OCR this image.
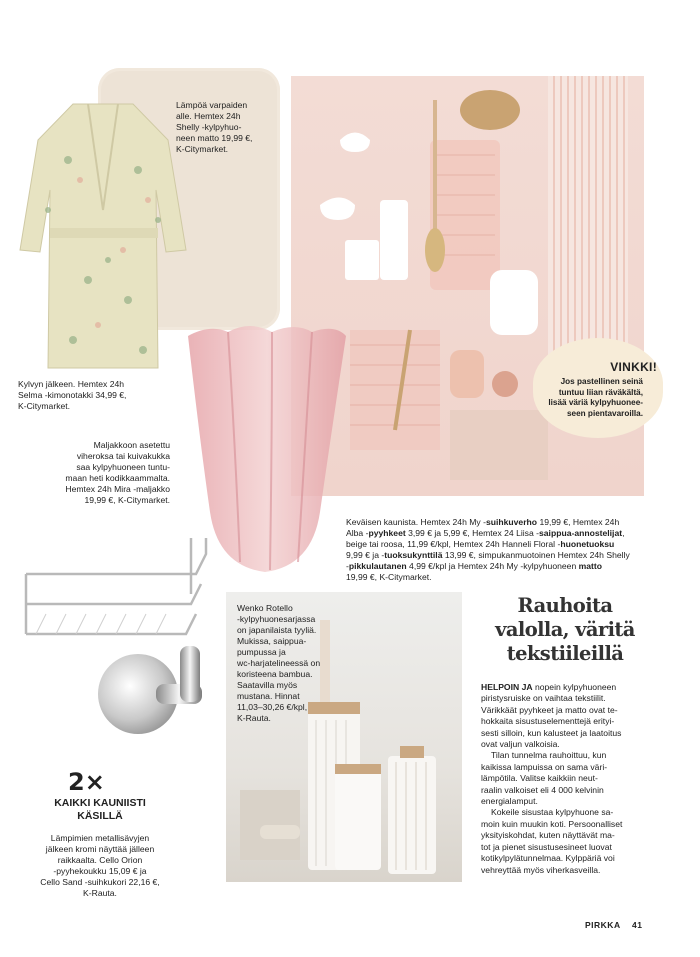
Lämpöä varpaiden
alle. Hemtex 24h
Shelly -kylpyhuo-
neen matto 19,99 €,
K-Citymarket.
Kylvyn jälkeen. Hemtex 24h
Selma -kimonotakki 34,99 €,
K-Citymarket.
Maljakkoon asetettu
viheroksa tai kuivakukka
saa kylpyhuoneen tuntu-
maan heti kodikkaammalta.
Hemtex 24h Mira -maljakko
19,99 €, K-Citymarket.

Keväisen kaunista. Hemtex 24h My -suihkuverho 19,99 €, Hemtex 24h
Alba -pyyhkeet 3,99 € ja 5,99 €, Hemtex 24 Liisa -saippua-annostelijat,
beige tai roosa, 11,99 €/kpl, Hemtex 24h Hanneli Floral -huonetuoksu
9,99 € ja -tuoksukynttilä 13,99 €, simpukanmuotoinen Hemtex 24h Shelly
-pikkulautanen 4,99 €/kpl ja Hemtex 24h My -kylpyhuoneen matto
19,99 €, K-Citymarket.

Wenko Rotello
-kylpyhuonesarjassa
on japanilaista tyyliä.
Mukissa, saippua-
pumpussa ja
wc-harjatelineessä on
koristeena bambua.
Saatavilla myös
mustana. Hinnat
11,03–30,26 €/kpl,
K-Rauta.
VINKKI!
Jos pastellinen seinä
tuntuu liian räväkältä,
lisää väriä kylpyhuonee-
seen pientavaroilla.
Rauhoita
valolla, väritä
tekstiileillä

HELPOIN JA nopein kylpyhuoneen
piristysruiske on vaihtaa tekstiilit.
Värikkäät pyyhkeet ja matto ovat te-
hokkaita sisustuselementtejä erityi-
sesti silloin, kun kalusteet ja laatoitus
ovat valjun valkoisia.

Tilan tunnelma rauhoittuu, kun
kaikissa lampuissa on sama väri-
lämpötila. Valitse kaikkiin neut-
raalin valkoiset eli 4 000 kelvinin
energialamput.

Kokeile sisustaa kylpyhuone sa-
moin kuin muukin koti. Persoonalliset
yksityiskohdat, kuten näyttävät ma-
tot ja pienet sisustusesineet luovat
kotikylpylätunnelmaa. Kylppäriä voi
vehreyttää myös viherkasveilla.

2×
KAIKKI KAUNIISTI
KÄSILLÄ
Lämpimien metallisävyjen
jälkeen kromi näyttää jälleen
raikkaalta. Cello Orion
-pyyhekoukku 15,09 € ja
Cello Sand -suihkukori 22,16 €,
K-Rauta.
PIRKKA 41
